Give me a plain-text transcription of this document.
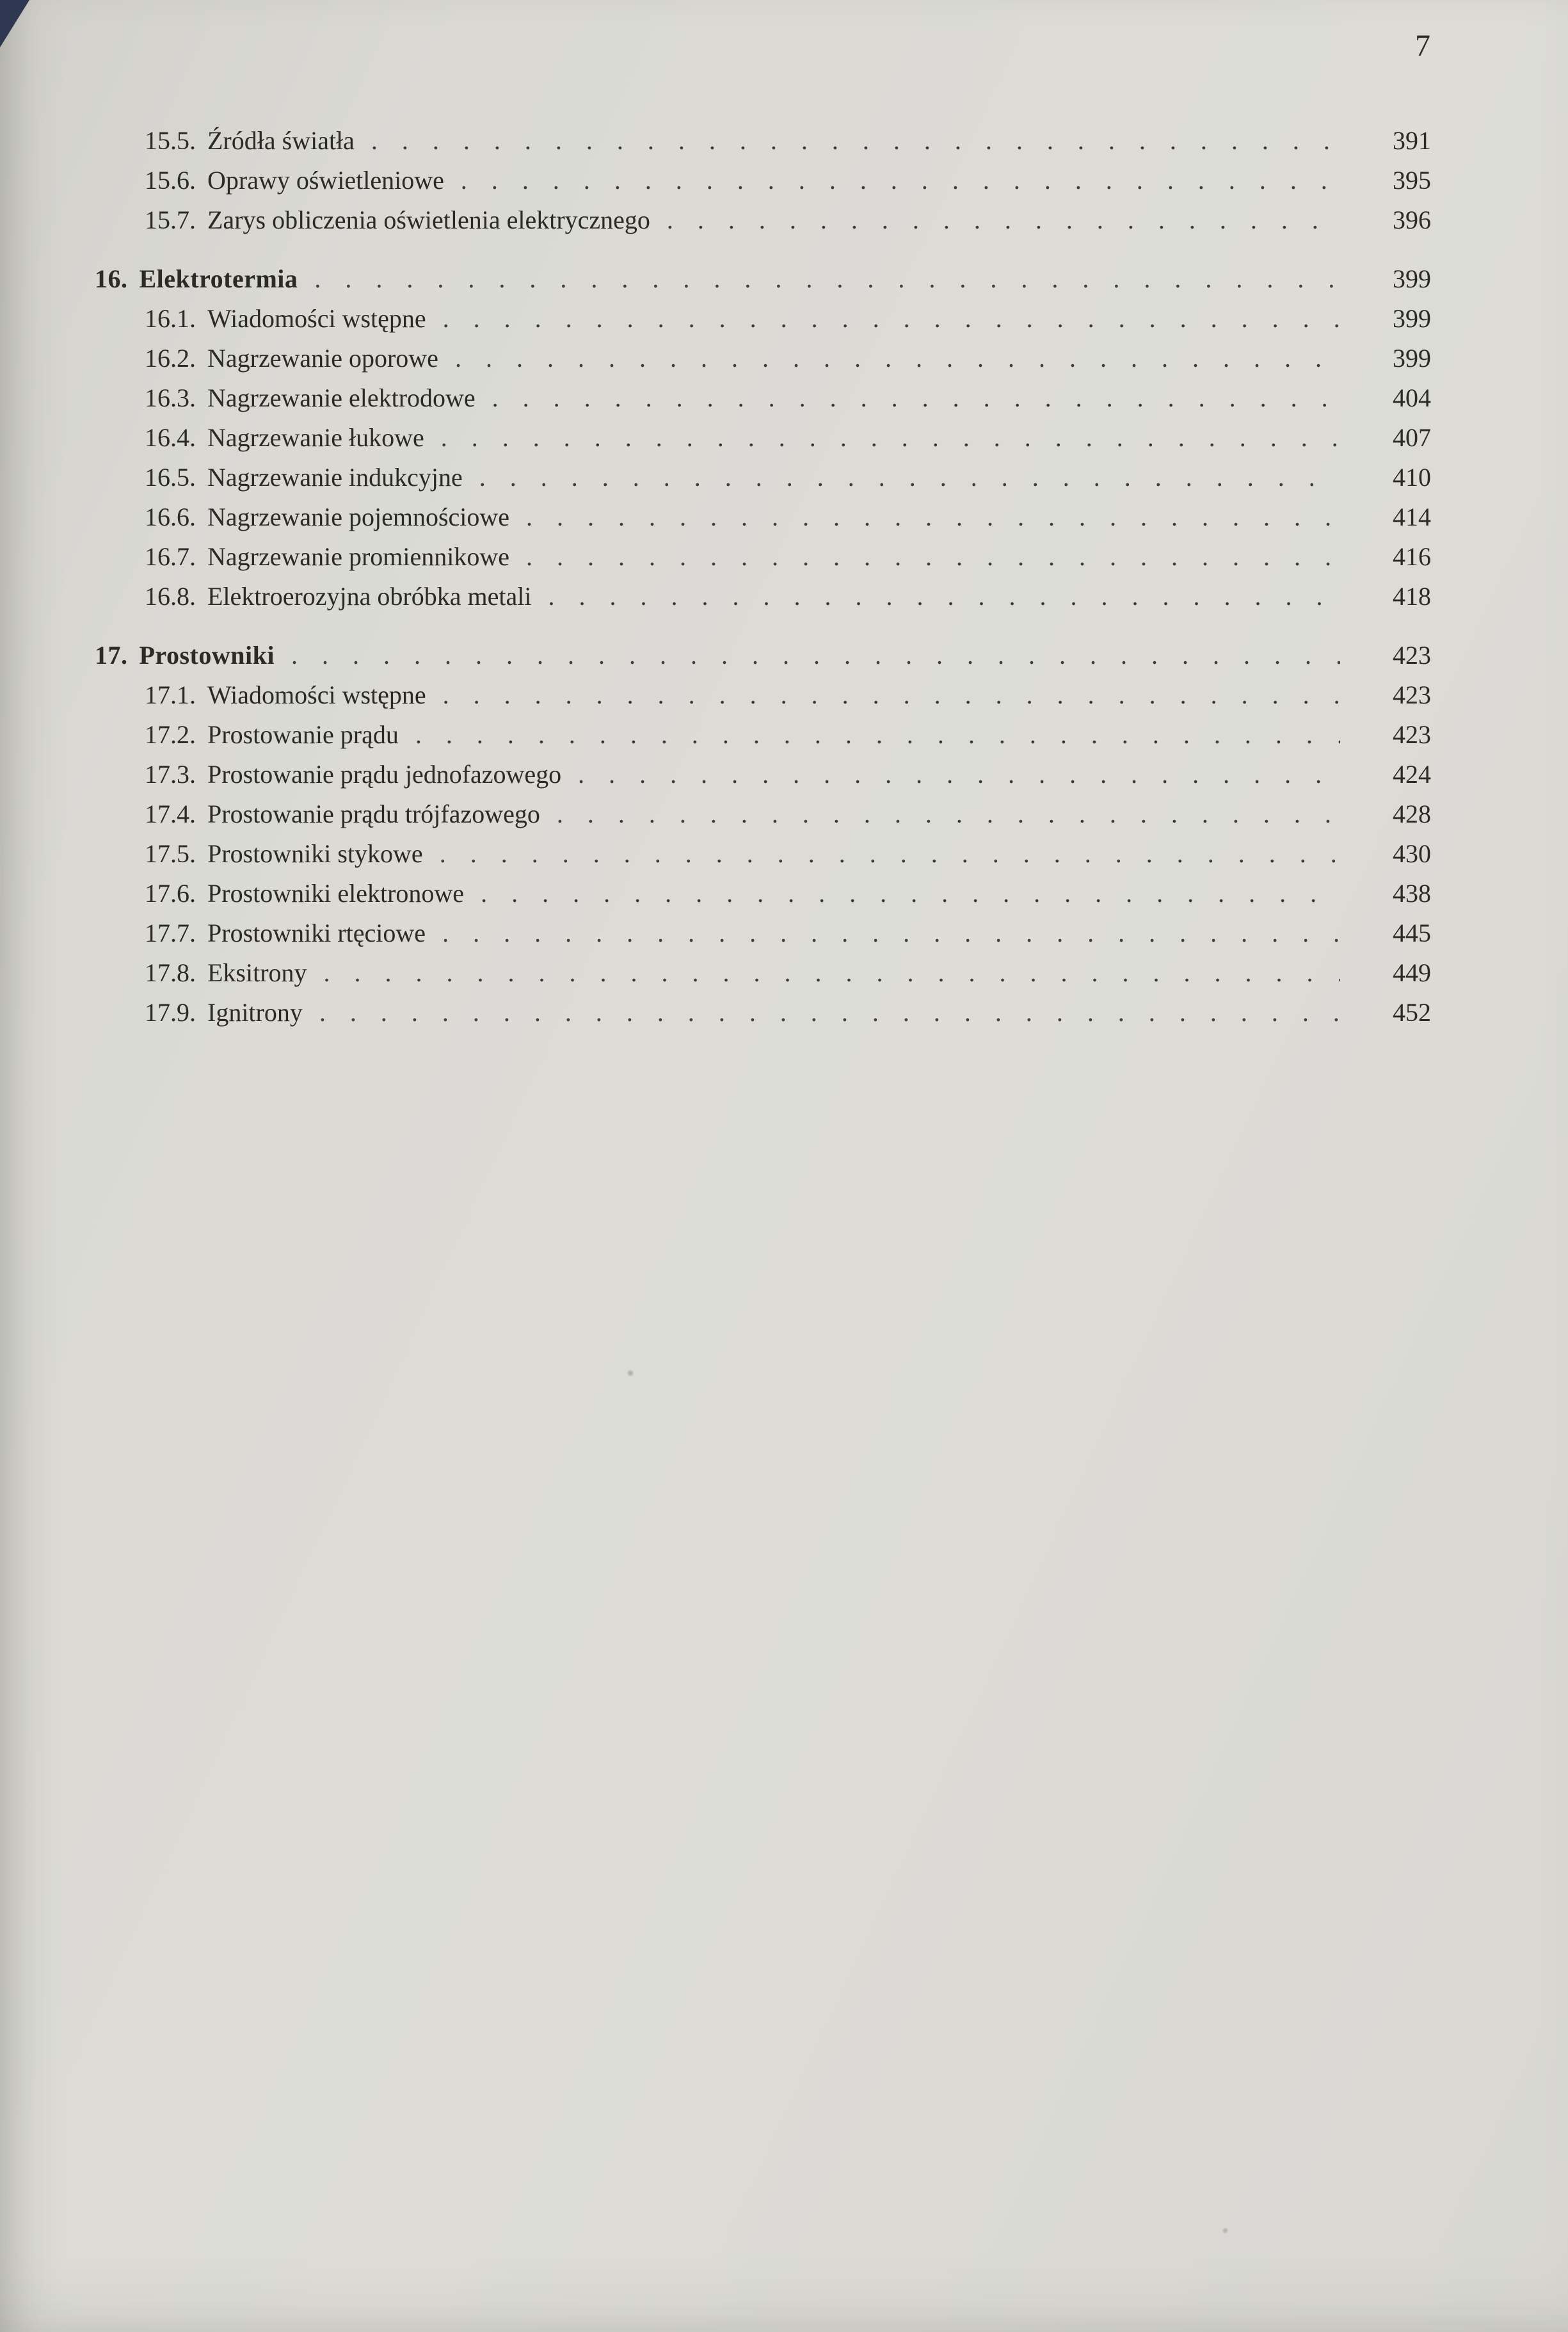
7
15.5. Źródła światła . . .	391
15.6. Oprawy oświetleniowe . . .	395
15.7. Zarys obliczenia oświetlenia elektrycznego . . .	396
16. Elektrotermia . . .	399
16.1. Wiadomości wstępne . . .	399
16.2. Nagrzewanie oporowe . . .	399
16.3. Nagrzewanie elektrodowe . . .	404
16.4. Nagrzewanie łukowe . . .	407
16.5. Nagrzewanie indukcyjne . . .	410
16.6. Nagrzewanie pojemnościowe . . .	414
16.7. Nagrzewanie promiennikowe . . .	416
16.8. Elektroerozyjna obróbka metali . . .	418
17. Prostowniki . . .	423
17.1. Wiadomości wstępne . . .	423
17.2. Prostowanie prądu . . .	423
17.3. Prostowanie prądu jednofazowego . . .	424
17.4. Prostowanie prądu trójfazowego . . .	428
17.5. Prostowniki stykowe . . .	430
17.6. Prostowniki elektronowe . . .	438
17.7. Prostowniki rtęciowe . . .	445
17.8. Eksitrony . . .	449
17.9. Ignitrony . . .	452
